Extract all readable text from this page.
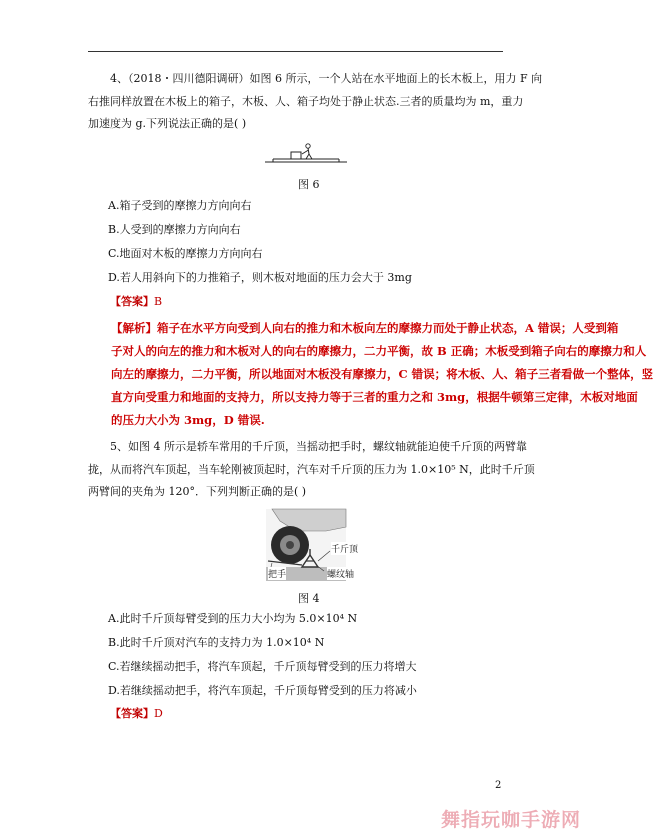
4、（2018・四川德阳调研）如图 6 所示，一个人站在水平地面上的长木板上，用力 F 向

右推同样放置在木板上的箱子，木板、人、箱子均处于静止状态.三者的质量均为 m，重力

加速度为 g.下列说法正确的是( )

图 6
A.箱子受到的摩擦力方向向右
B.人受到的摩擦力方向向右
C.地面对木板的摩擦力方向向右
D.若人用斜向下的力推箱子，则木板对地面的压力会大于 3mg
【答案】B

【解析】箱子在水平方向受到人向右的推力和木板向左的摩擦力而处于静止状态，A 错误；人受到箱

子对人的向左的推力和木板对人的向右的摩擦力，二力平衡，故 B 正确；木板受到箱子向右的摩擦力和人

向左的摩擦力，二力平衡，所以地面对木板没有摩擦力，C 错误；将木板、人、箱子三者看做一个整体，竖

直方向受重力和地面的支持力，所以支持力等于三者的重力之和 3mg，根据牛顿第三定律，木板对地面

的压力大小为 3mg，D 错误.

5、如图 4 所示是轿车常用的千斤顶，当摇动把手时，螺纹轴就能迫使千斤顶的两臂靠

拢，从而将汽车顶起，当车轮刚被顶起时，汽车对千斤顶的压力为 1.0×10⁵ N，此时千斤顶

两臂间的夹角为 120°．下列判断正确的是( )

千斤顶
把手	螺纹轴
图 4
A.此时千斤顶每臂受到的压力大小均为 5.0×10⁴ N
B.此时千斤顶对汽车的支持力为 1.0×10⁴ N
C.若继续摇动把手，将汽车顶起，千斤顶每臂受到的压力将增大
D.若继续摇动把手，将汽车顶起，千斤顶每臂受到的压力将减小
【答案】D
2
舞指玩咖手游网
